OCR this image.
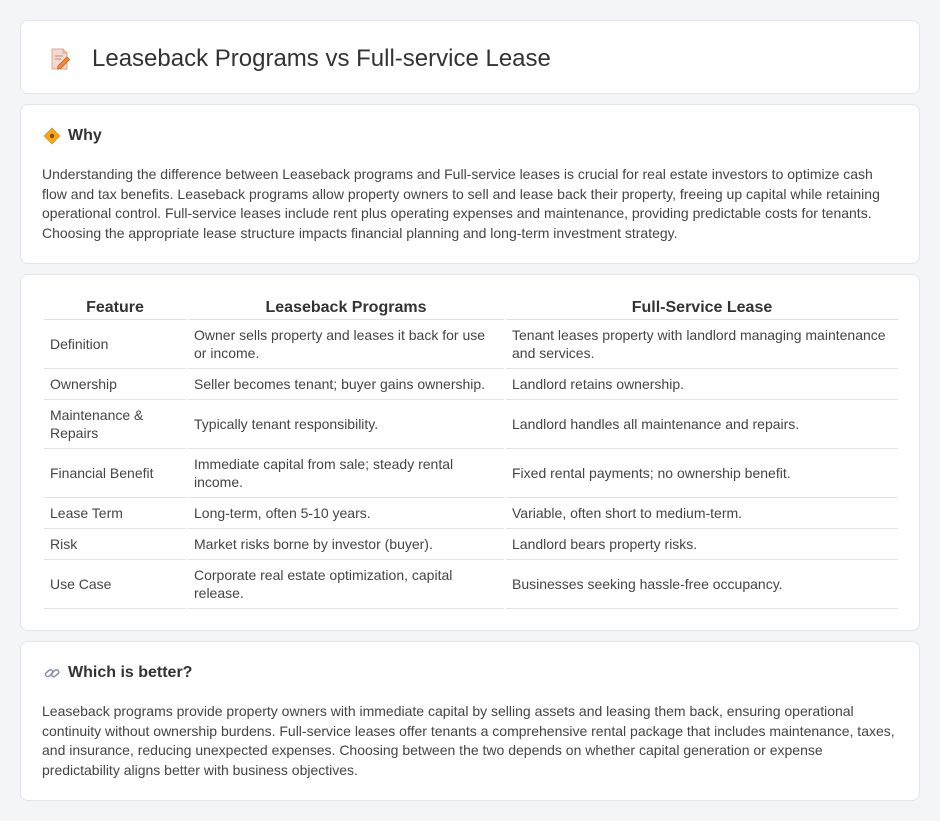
Leaseback Programs vs Full-service Lease
Why

Understanding the difference between Leaseback programs and Full-service leases is crucial for real estate investors to optimize cash flow and tax benefits. Leaseback programs allow property owners to sell and lease back their property, freeing up capital while retaining operational control. Full-service leases include rent plus operating expenses and maintenance, providing predictable costs for tenants. Choosing the appropriate lease structure impacts financial planning and long-term investment strategy.

Feature	Leaseback Programs	Full-Service Lease
Definition	Owner sells property and leases it back for use or income.	Tenant leases property with landlord managing maintenance and services.
Ownership	Seller becomes tenant; buyer gains ownership.	Landlord retains ownership.
Maintenance & Repairs	Typically tenant responsibility.	Landlord handles all maintenance and repairs.
Financial Benefit	Immediate capital from sale; steady rental income.	Fixed rental payments; no ownership benefit.
Lease Term	Long-term, often 5-10 years.	Variable, often short to medium-term.
Risk	Market risks borne by investor (buyer).	Landlord bears property risks.
Use Case	Corporate real estate optimization, capital release.	Businesses seeking hassle-free occupancy.
Which is better?

Leaseback programs provide property owners with immediate capital by selling assets and leasing them back, ensuring operational continuity without ownership burdens. Full-service leases offer tenants a comprehensive rental package that includes maintenance, taxes, and insurance, reducing unexpected expenses. Choosing between the two depends on whether capital generation or expense predictability aligns better with business objectives.
